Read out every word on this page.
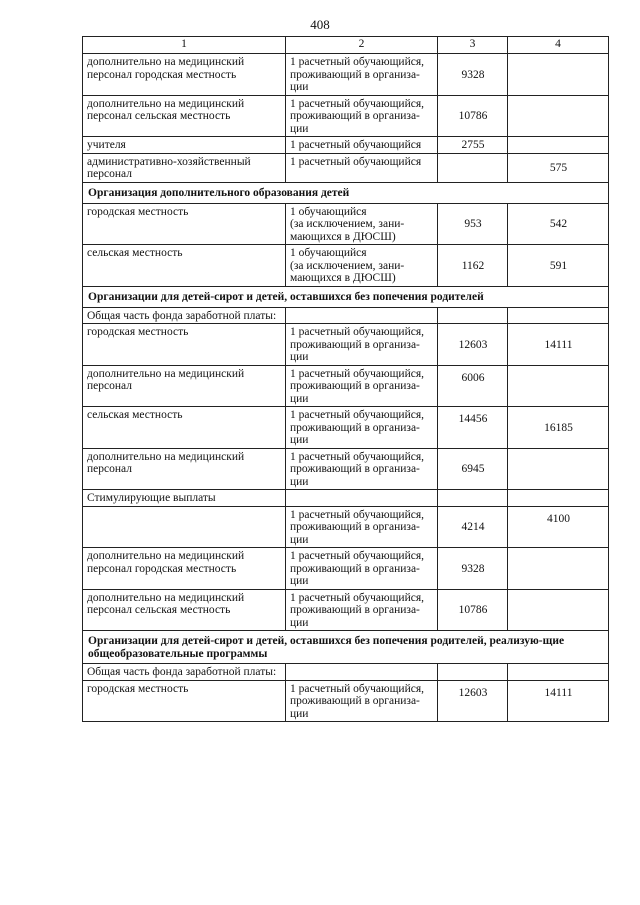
408
1	2	3	4
дополнительно на медицинский персонал городская местность	1 расчетный обучающийся,
проживающий в организа-
ции	9328	
дополнительно на медицинский персонал сельская местность	1 расчетный обучающийся,
проживающий в организа-
ции	10786	
учителя	1 расчетный обучающийся	2755	
административно-хозяйственный персонал	1 расчетный обучающийся		575
Организация дополнительного образования детей			
городская местность	1 обучающийся
(за исключением, зани-
мающихся в ДЮСШ)	953	542
сельская местность	1 обучающийся
(за исключением, зани-
мающихся в ДЮСШ)	1162	591
Организации для детей-сирот и детей, оставшихся без попечения родителей			
Общая часть фонда заработной платы:			
городская местность	1 расчетный обучающийся,
проживающий в организа-
ции	12603	14111
дополнительно на медицинский персонал	1 расчетный обучающийся,
проживающий в организа-
ции	6006	
сельская местность	1 расчетный обучающийся,
проживающий в организа-
ции	14456	16185
дополнительно на медицинский персонал	1 расчетный обучающийся,
проживающий в организа-
ции	6945	
Стимулирующие выплаты			
	1 расчетный обучающийся,
проживающий в организа-
ции	4214	4100
дополнительно на медицинский персонал городская местность	1 расчетный обучающийся,
проживающий в организа-
ции	9328	
дополнительно на медицинский персонал сельская местность	1 расчетный обучающийся,
проживающий в организа-
ции	10786	
Организации для детей-сирот и детей, оставшихся без попечения родителей, реализую-щие общеобразовательные программы			
Общая часть фонда заработной платы:			
городская местность	1 расчетный обучающийся,
проживающий в организа-
ции	12603	14111
